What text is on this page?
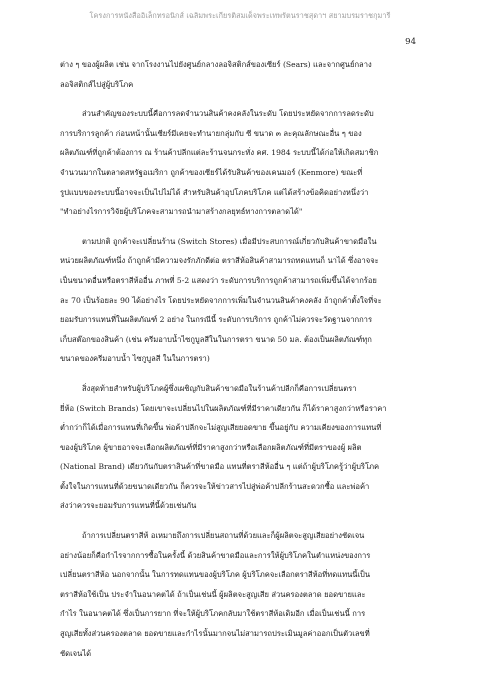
โครงการหนังสืออิเล็กทรอนิกส์ เฉลิมพระเกียรติสมเด็จพระเทพรัตนราชสุดาฯ สยามบรมราชกุมารี
94
ต่าง ๆ ของผู้ผลิต เช่น จากโรงงานไปยังศูนย์กลางลอจิสติกส์ของเซียร์ (Sears) และจากศูนย์กลาง
ลอจิสติกส์ไปสู่ผู้บริโภค
ส่วนสำคัญของระบบนี้คือการลดจำนวนสินค้าคงคลังในระดับ โดยประหยัดจากการลดระดับ
การบริการลูกค้า ก่อนหน้านั้นเซียร์มีเคยจะทำนายกลุ่มกับ ซี ขนาด ๓ ละคุณลักษณะอื่น ๆ ของ
ผลิตภัณฑ์ที่ถูกค้าต้องการ ณ ร้านค้าปลีกแต่ละร้านจนกระทั่ง คศ. 1984 ระบบนี้ได้ก่อให้เกิดสมาชิก
จำนวนมากในตลาดสหรัฐอเมริกา ถูกค้าของเซียร์ได้รับสินค้าของเคนมอร์ (Kenmore) ขณะที่
รูปแบบของระบบนี้อาจจะเป็นไปไม่ได้ สำหรับสินค้าอุปโภคบริโภค แต่ได้สร้างข้อคิดอย่างหนึ่งว่า
"ทำอย่างไรการวิจัยผู้บริโภคจะสามารถนำมาสร้างกลยุทธ์ทางการตลาดได้"
ตามปกติ ถูกค้าจะเปลี่ยนร้าน (Switch Stores) เมื่อมีประสบการณ์เกี่ยวกับสินค้าขาดมือใน
หน่วยผลิตภัณฑ์หนึ่ง ถ้าถูกค้ามีความจงรักภักดีต่อ ตราสีห้อสินค้าสามารถทดแทนก็ นาได้ ซึ่งอาจจะ
เป็นขนาดอื่นหรือตราสีห้ออื่น ภาพที่ 5-2 แสดงว่า ระดับการบริการถูกค้าสามารถเพิ่มขึ้นได้จากร้อย
ละ 70 เป็นร้อยละ 90 ได้อย่างไร โดยประหยัดจากการเพิ่มในจำนวนสินค้าคงคลัง ถ้าถูกค้าตั้งใจที่จะ
ยอมรับการแทนที่ในผลิตภัณฑ์ 2 อย่าง ในกรณีนี้ ระดับการบริการ ถูกค้าไม่ควรจะวัดฐานจากการ
เก็บสต๊อกของสินค้า (เช่น ครีมอาบน้ำไซกูบูลสีในในการตรา ขนาด 50 มล. ต้องเป็นผลิตภัณฑ์ทุก
ขนาดของครีมอาบน้ำ ไซกูบูลสี ในในการตรา)
สิ่งสุดท้ายสำหรับผู้บริโภคผู้ซึ่งเผชิญกับสินค้าขาดมือในร้านค้าปลีกก็คือการเปลี่ยนตรา
ยี่ห้อ (Switch Brands) โดยเขาจะเปลี่ยนไปในผลิตภัณฑ์ที่มีราคาเดียวกัน ก็ได้ราคาสูงกว่าหรือราคา
ต่ำกว่าก็ได้เมื่อการแทนที่เกิดขึ้น พ่อค้าปลีกจะไม่สูญเสียยอดขาย ขึ้นอยู่กับ ความเคียงของการแทนที่
ของผู้บริโภค ผู้ขายอาจจะเลือกผลิตภัณฑ์ที่มีราคาสูงกว่าหรือเลือกผลิตภัณฑ์ที่มีตราของผู้ ผลิต
(National Brand) เดียวกันกับตราสินค้าที่ขาดมือ แทนที่ตราสีห้ออื่น ๆ แต่ถ้าผู้บริโภครู้ว่าผู้บริโภค
ตั้งใจในการแทนที่ด้วยขนาดเดียวกัน ก็ควรจะให้ข่าวสารไปสู่พ่อค้าปลีกร้านสะดวกซื้อ และพ่อค้า
ส่งว่าควรจะยอมรับการแทนที่นี้ด้วยเช่นกัน
ถ้าการเปลี่ยนตราสีห้ อเหมายถึงการเปลี่ยนสถานที่ด้วยและก็ผู้ผลิตจะสูญเสียอย่างชัดเจน
อย่างน้อยก็คือกำไรจากการซื้อในครั้งนี้ ด้วยสินค้าขาดมือและการให้ผู้บริโภคในตำแหน่งของการ
เปลี่ยนตราสีห้อ นอกจากนั้น ในการทดแทนของผู้บริโภค ผู้บริโภคจะเลือกตราสีห้อที่ทดแทนนี้เป็น
ตราสีห้อใช้เป็น ประจำในอนาคตได้ ถ้าเป็นเช่นนี้ ผู้ผลิตจะสูญเสีย ส่วนครองตลาด ยอดขายและ
กำไร ในอนาคตได้ ซึ่งเป็นการยาก ที่จะให้ผู้บริโภคกลับมาใช้ตราสีห้อเดิมอีก เมื่อเป็นเช่นนี้ การ
สูญเสียทั้งส่วนครองตลาด ยอดขายและกำไรนั้นมากจนไม่สามารถประเมินมูลค่าออกเป็นตัวเลขที่
ชัดเจนได้
